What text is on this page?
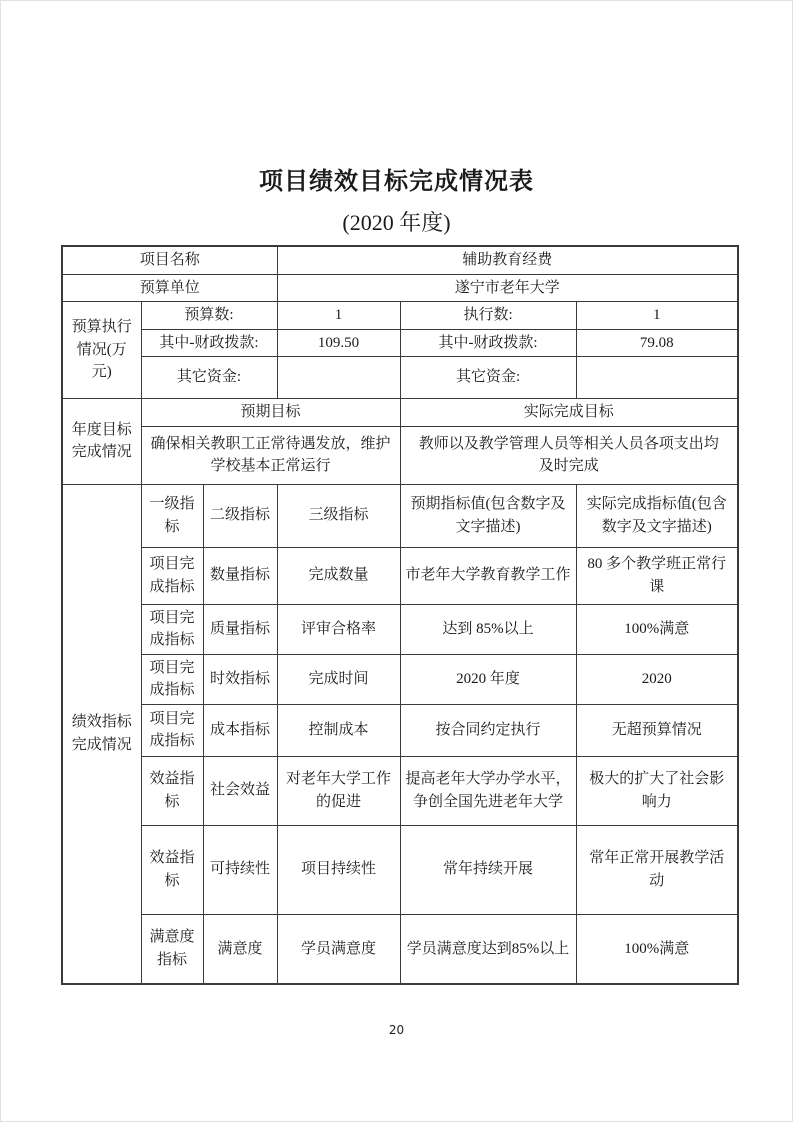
项目绩效目标完成情况表
(2020 年度)
项目名称			辅助教育经费		
预算单位			遂宁市老年大学		
预算执行情况(万元)	预算数:		1	执行数:	1
	其中-财政拨款:		109.50	其中-财政拨款:	79.08
	其它资金:			其它资金:	
年度目标完成情况	预期目标			实际完成目标	
	确保相关教职工正常待遇发放，维护学校基本正常运行			教师以及教学管理人员等相关人员各项支出均及时完成	
绩效指标完成情况	一级指标	二级指标	三级指标	预期指标值(包含数字及文字描述)	实际完成指标值(包含数字及文字描述)
	项目完成指标	数量指标	完成数量	市老年大学教育教学工作	80 多个教学班正常行课
	项目完成指标	质量指标	评审合格率	达到 85%以上	100%满意
	项目完成指标	时效指标	完成时间	2020 年度	2020
	项目完成指标	成本指标	控制成本	按合同约定执行	无超预算情况
	效益指标	社会效益	对老年大学工作的促进	提高老年大学办学水平，争创全国先进老年大学	极大的扩大了社会影响力
	效益指标	可持续性	项目持续性	常年持续开展	常年正常开展教学活动
	满意度指标	满意度	学员满意度	学员满意度达到85%以上	100%满意
20
